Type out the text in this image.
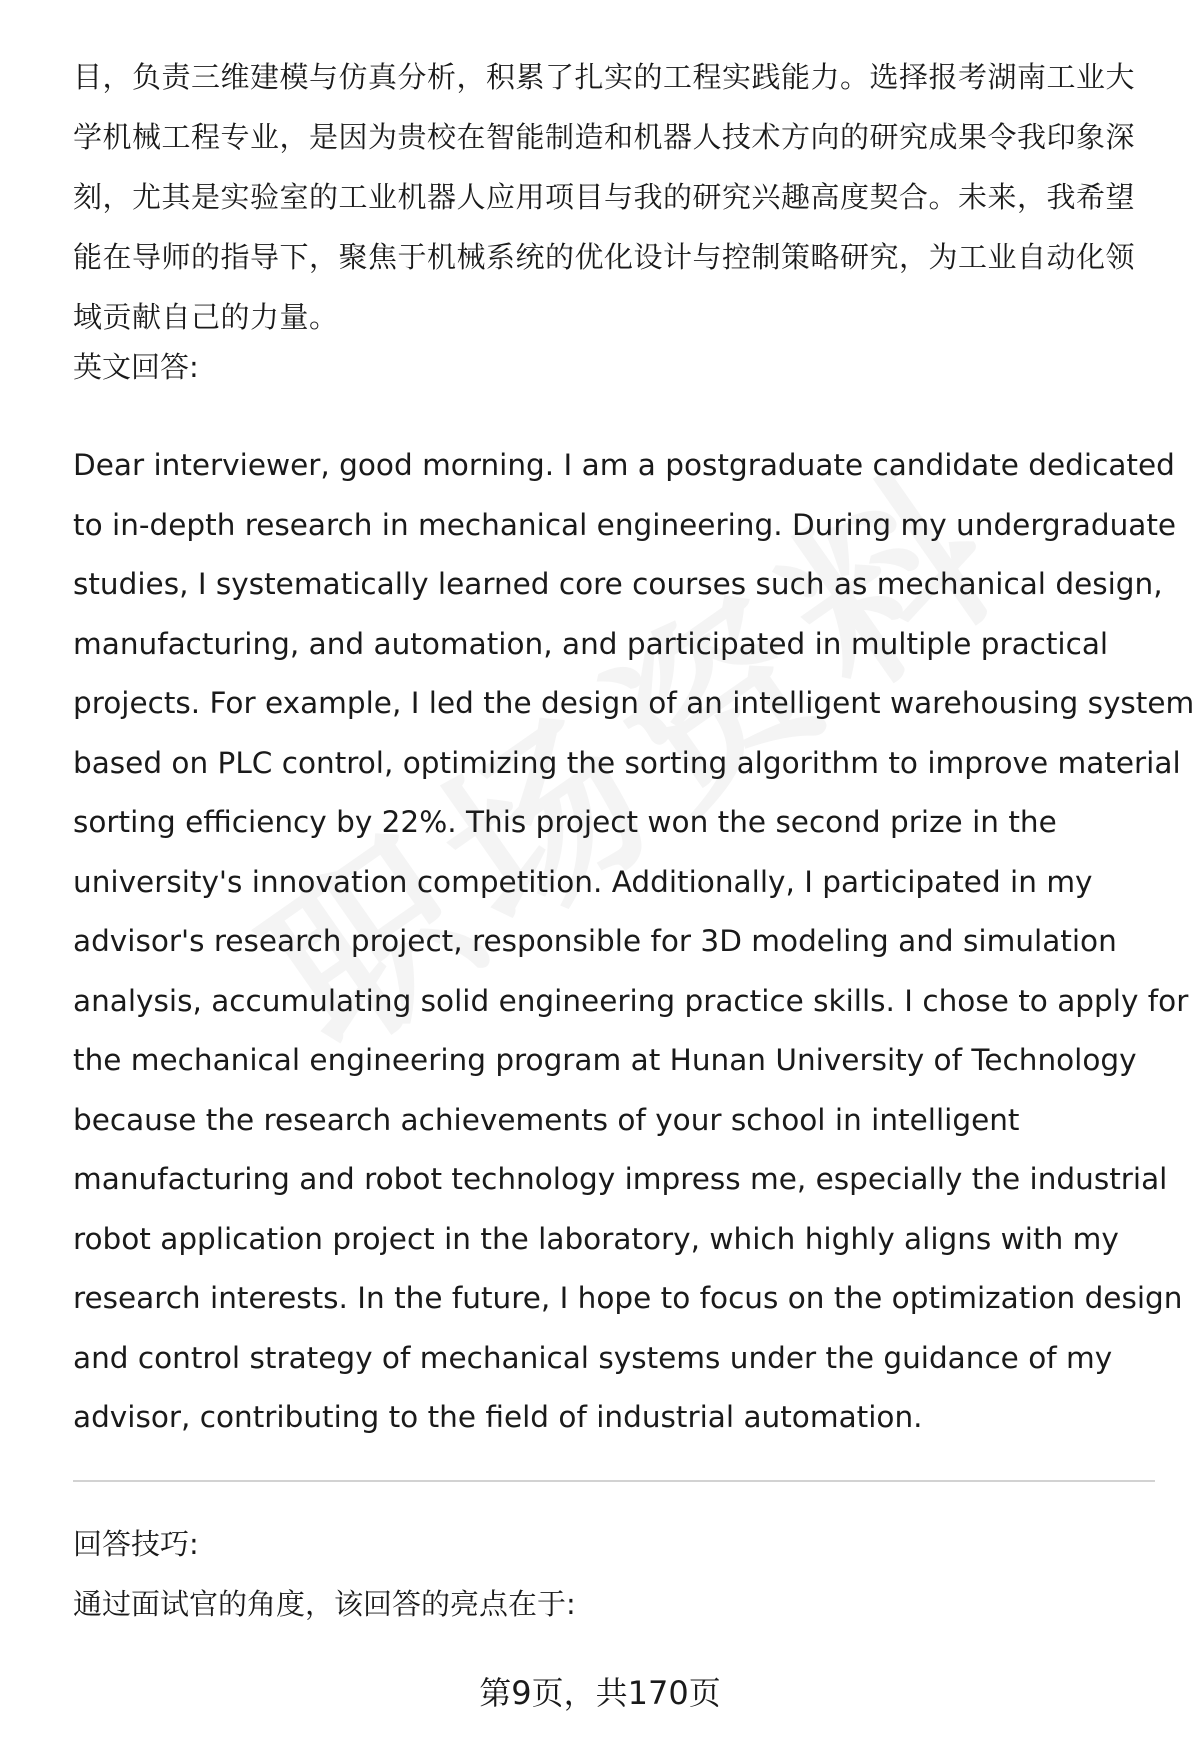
目，负责三维建模与仿真分析，积累了扎实的工程实践能力。选择报考湖南工业大学机械工程专业，是因为贵校在智能制造和机器人技术方向的研究成果令我印象深刻，尤其是实验室的工业机器人应用项目与我的研究兴趣高度契合。未来，我希望能在导师的指导下，聚焦于机械系统的优化设计与控制策略研究，为工业自动化领域贡献自己的力量。

英文回答:

Dear interviewer, good morning. I am a postgraduate candidate dedicated
to in-depth research in mechanical engineering. During my undergraduate
studies, I systematically learned core courses such as mechanical design,
manufacturing, and automation, and participated in multiple practical
projects. For example, I led the design of an intelligent warehousing system
based on PLC control, optimizing the sorting algorithm to improve material
sorting efficiency by 22%. This project won the second prize in the
university's innovation competition. Additionally, I participated in my
advisor's research project, responsible for 3D modeling and simulation
analysis, accumulating solid engineering practice skills. I chose to apply for
the mechanical engineering program at Hunan University of Technology
because the research achievements of your school in intelligent
manufacturing and robot technology impress me, especially the industrial
robot application project in the laboratory, which highly aligns with my
research interests. In the future, I hope to focus on the optimization design
and control strategy of mechanical systems under the guidance of my
advisor, contributing to the field of industrial automation.

回答技巧:

通过面试官的角度，该回答的亮点在于:

第9页，共170页
